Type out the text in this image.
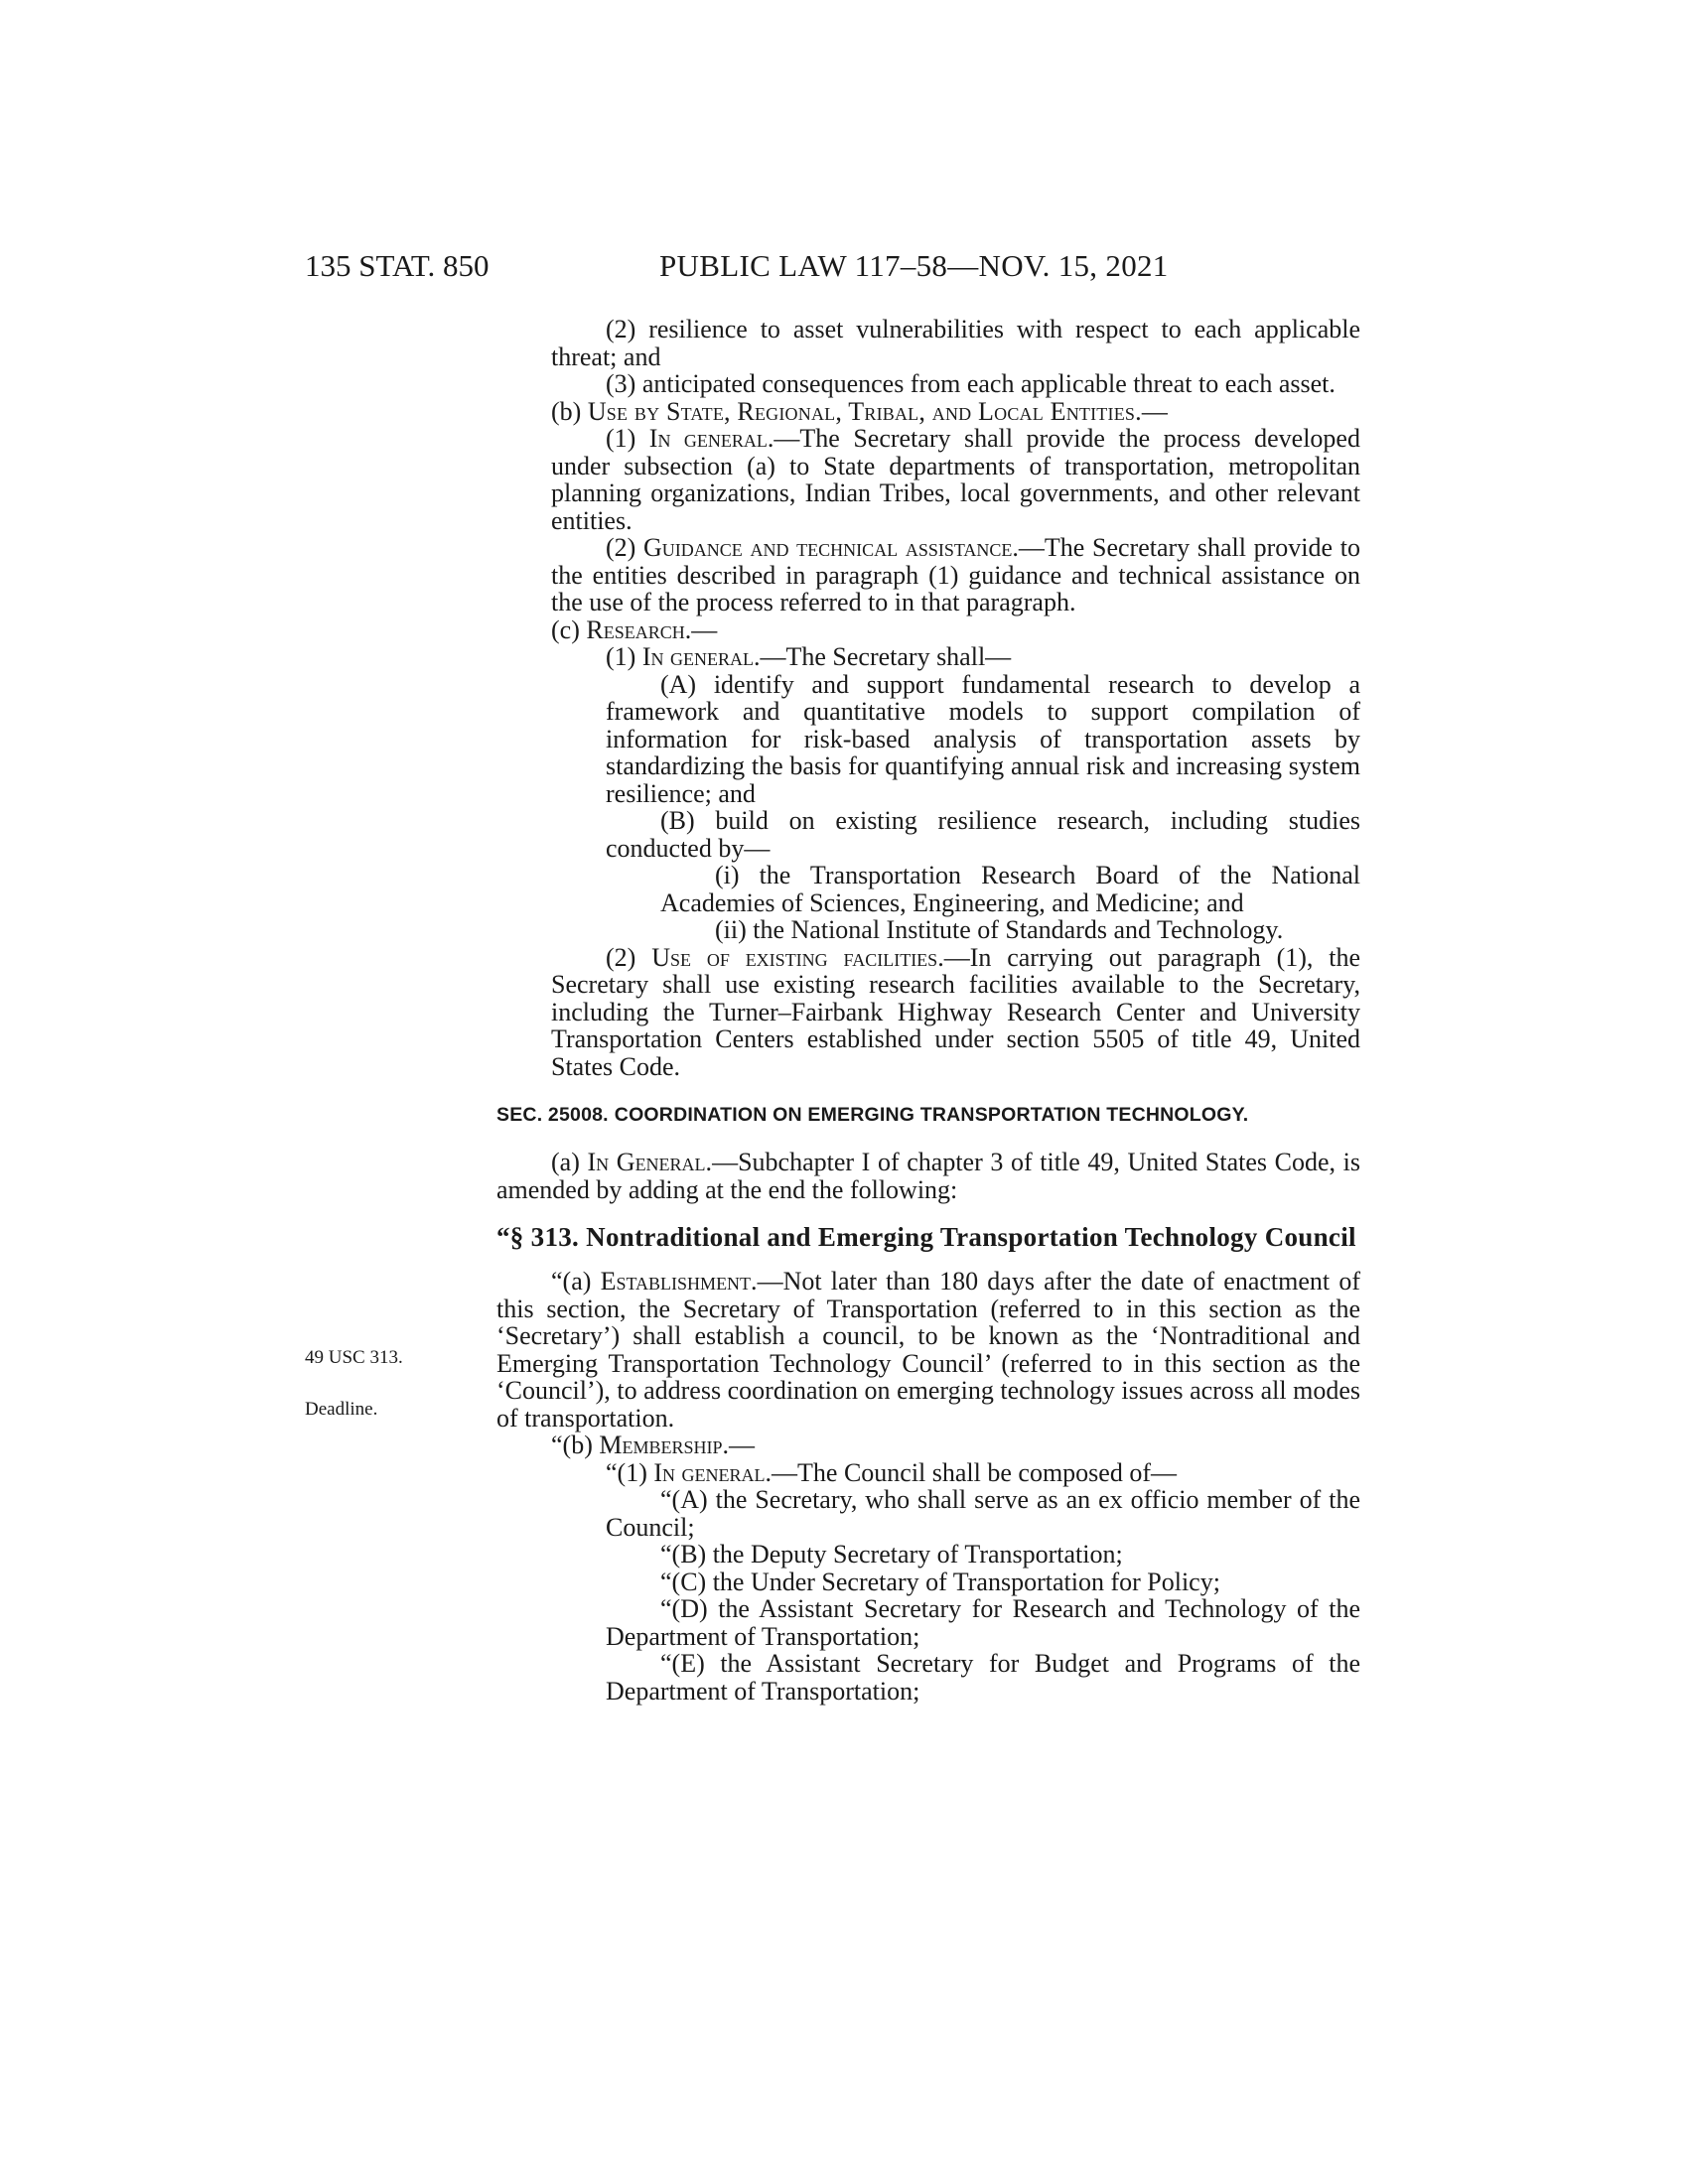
135 STAT. 850	PUBLIC LAW 117–58—NOV. 15, 2021
49 USC 313.
Deadline.

(2) resilience to asset vulnerabilities with respect to each applicable threat; and

(3) anticipated consequences from each applicable threat to each asset.

(b) Use by State, Regional, Tribal, and Local Entities.—

(1) In general.—The Secretary shall provide the process developed under subsection (a) to State departments of transportation, metropolitan planning organizations, Indian Tribes, local governments, and other relevant entities.

(2) Guidance and technical assistance.—The Secretary shall provide to the entities described in paragraph (1) guidance and technical assistance on the use of the process referred to in that paragraph.

(c) Research.—

(1) In general.—The Secretary shall—

(A) identify and support fundamental research to develop a framework and quantitative models to support compilation of information for risk-based analysis of transportation assets by standardizing the basis for quantifying annual risk and increasing system resilience; and

(B) build on existing resilience research, including studies conducted by—

(i) the Transportation Research Board of the National Academies of Sciences, Engineering, and Medicine; and

(ii) the National Institute of Standards and Technology.

(2) Use of existing facilities.—In carrying out paragraph (1), the Secretary shall use existing research facilities available to the Secretary, including the Turner–Fairbank Highway Research Center and University Transportation Centers established under section 5505 of title 49, United States Code.

SEC. 25008. COORDINATION ON EMERGING TRANSPORTATION TECHNOLOGY.

(a) In General.—Subchapter I of chapter 3 of title 49, United States Code, is amended by adding at the end the following:

“§ 313. Nontraditional and Emerging Transportation Technology Council

“(a) Establishment.—Not later than 180 days after the date of enactment of this section, the Secretary of Transportation (referred to in this section as the ‘Secretary’) shall establish a council, to be known as the ‘Nontraditional and Emerging Transportation Technology Council’ (referred to in this section as the ‘Council’), to address coordination on emerging technology issues across all modes of transportation.

“(b) Membership.—

“(1) In general.—The Council shall be composed of—

“(A) the Secretary, who shall serve as an ex officio member of the Council;

“(B) the Deputy Secretary of Transportation;

“(C) the Under Secretary of Transportation for Policy;

“(D) the Assistant Secretary for Research and Technology of the Department of Transportation;

“(E) the Assistant Secretary for Budget and Programs of the Department of Transportation;
